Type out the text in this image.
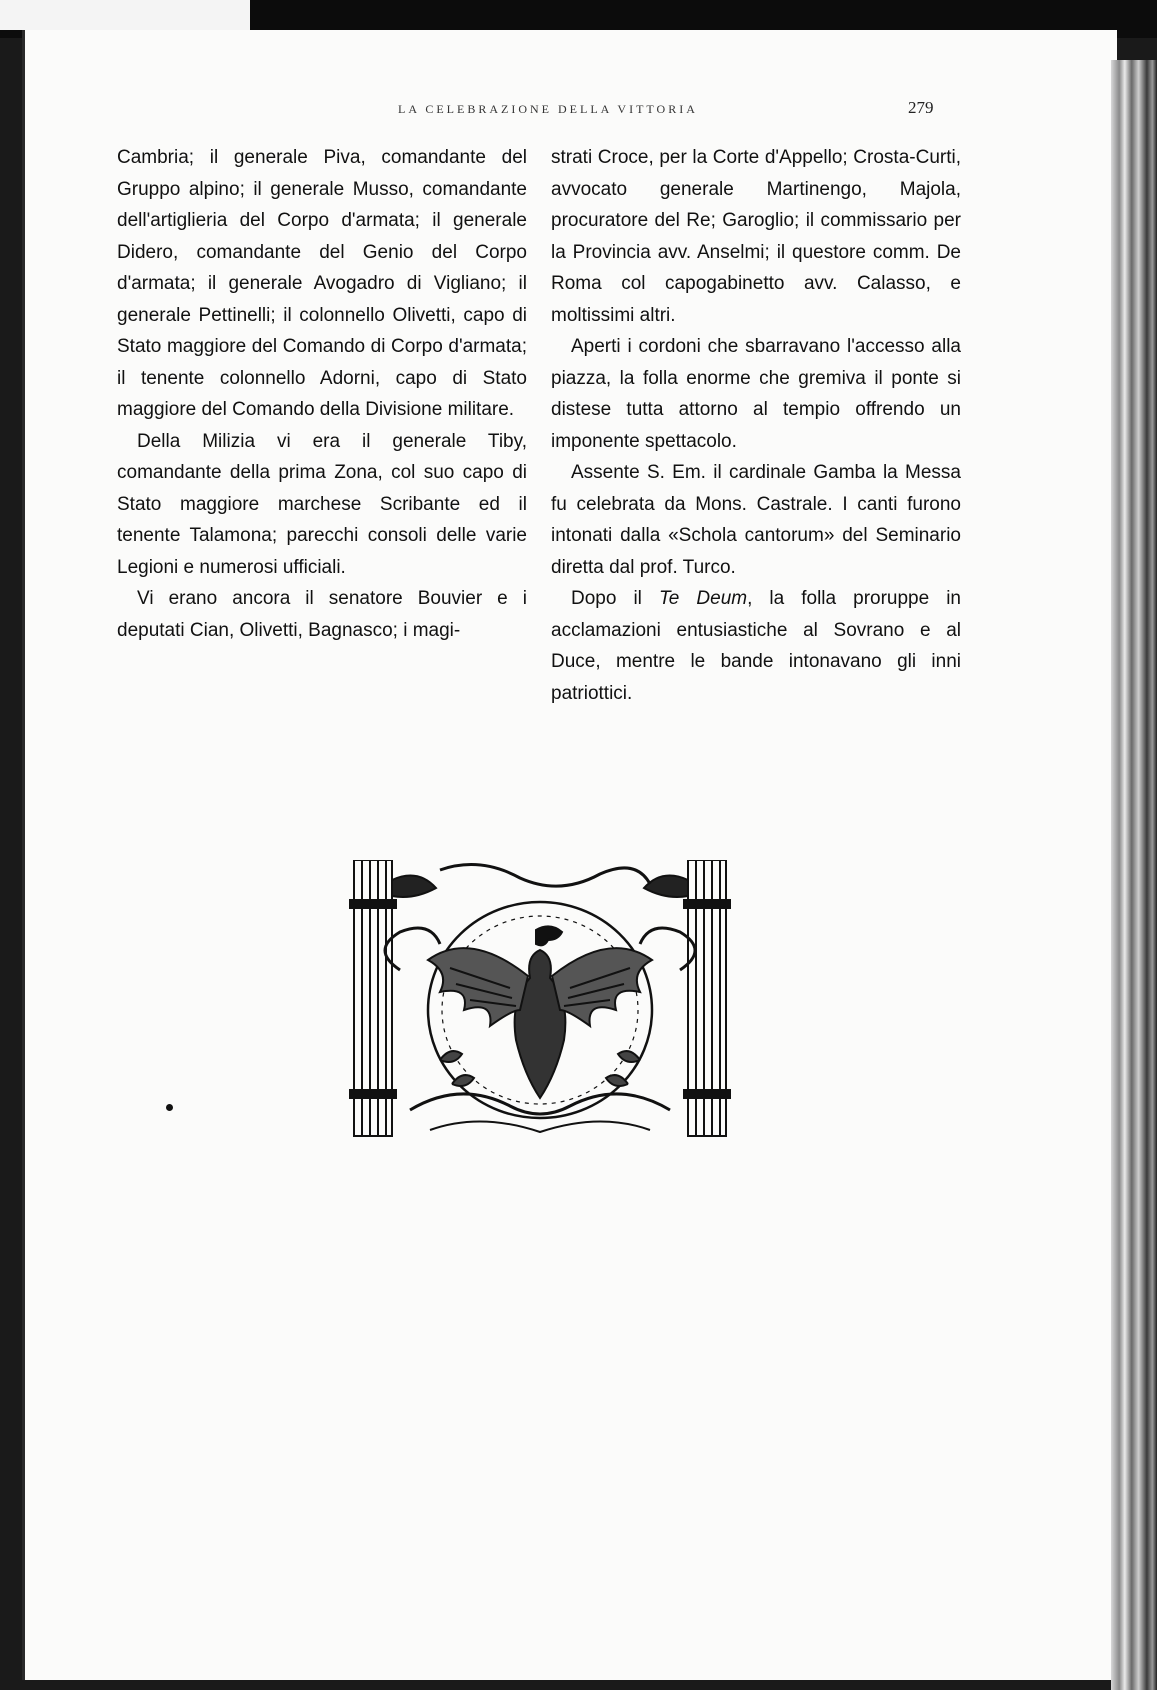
LA CELEBRAZIONE DELLA VITTORIA	279

Cambria; il generale Piva, comandante del Gruppo alpino; il generale Musso, comandante dell'artiglieria del Corpo d'armata; il generale Didero, comandante del Genio del Corpo d'armata; il generale Avogadro di Vigliano; il generale Pettinelli; il colonnello Olivetti, capo di Stato maggiore del Comando di Corpo d'armata; il tenente colonnello Adorni, capo di Stato maggiore del Comando della Divisione militare.

Della Milizia vi era il generale Tiby, comandante della prima Zona, col suo capo di Stato maggiore marchese Scribante ed il tenente Talamona; parecchi consoli delle varie Legioni e numerosi ufficiali.

Vi erano ancora il senatore Bouvier e i deputati Cian, Olivetti, Bagnasco; i magi-

strati Croce, per la Corte d'Appello; Crosta-Curti, avvocato generale Martinengo, Majola, procuratore del Re; Garoglio; il commissario per la Provincia avv. Anselmi; il questore comm. De Roma col capogabinetto avv. Calasso, e moltissimi altri.

Aperti i cordoni che sbarravano l'accesso alla piazza, la folla enorme che gremiva il ponte si distese tutta attorno al tempio offrendo un imponente spettacolo.

Assente S. Em. il cardinale Gamba la Messa fu celebrata da Mons. Castrale. I canti furono intonati dalla «Schola cantorum» del Seminario diretta dal prof. Turco.

Dopo il Te Deum, la folla proruppe in acclamazioni entusiastiche al Sovrano e al Duce, mentre le bande intonavano gli inni patriottici.
